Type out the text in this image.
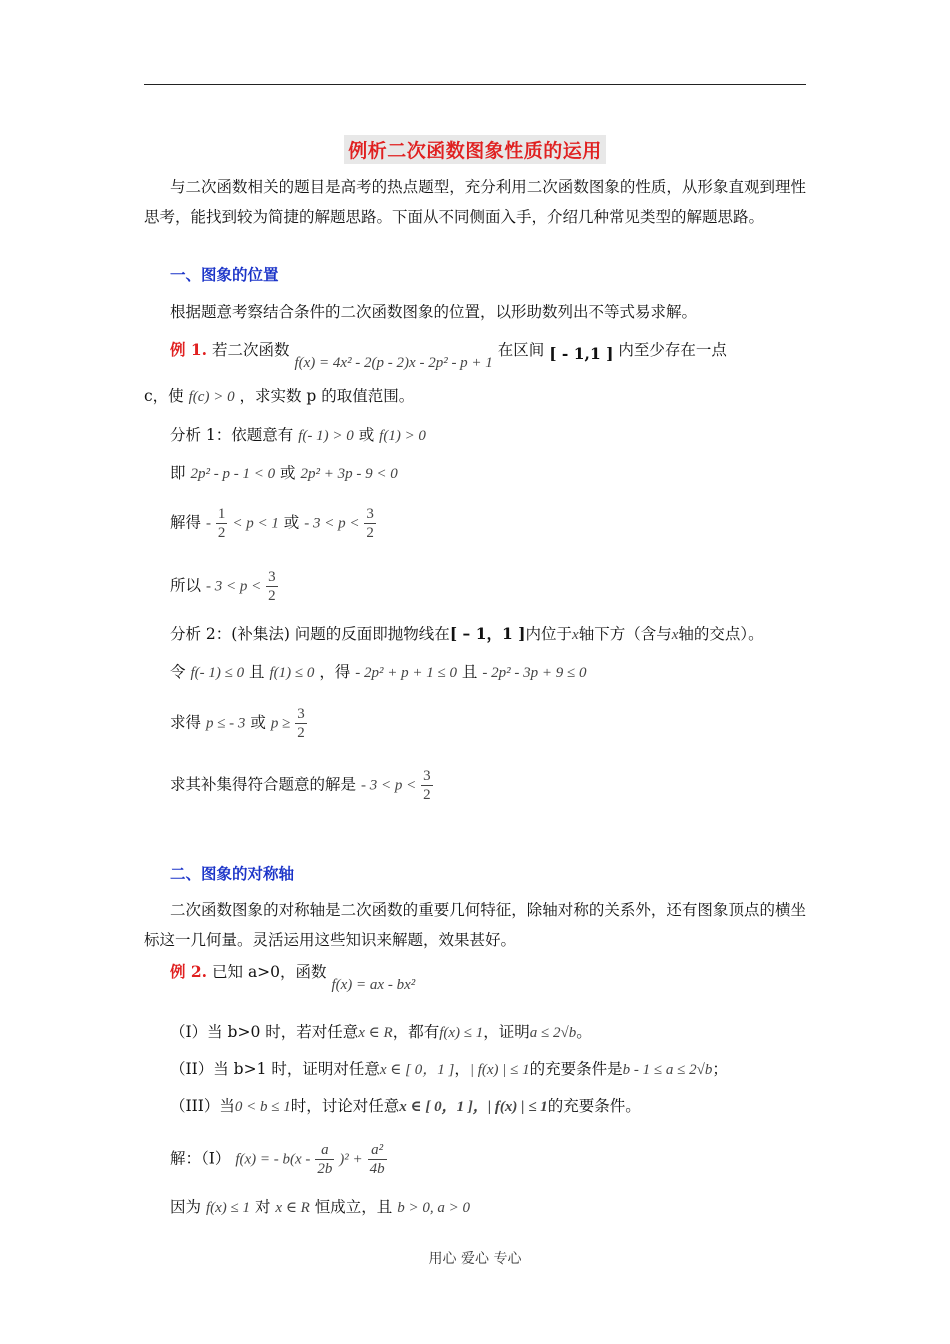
例析二次函数图象性质的运用
与二次函数相关的题目是高考的热点题型，充分利用二次函数图象的性质，从形象直观到理性思考，能找到较为简捷的解题思路。下面从不同侧面入手，介绍几种常见类型的解题思路。
一、图象的位置
根据题意考察结合条件的二次函数图象的位置，以形助数列出不等式易求解。
例 1. 若二次函数 f(x) = 4x² - 2(p - 2)x - 2p² - p + 1 在区间 [ - 1,1 ] 内至少存在一点
c，使 f(c) > 0 ，求实数 p 的取值范围。
分析 1：依题意有 f(- 1) > 0 或 f(1) > 0
即 2p² - p - 1 < 0 或 2p² + 3p - 9 < 0
解得 - $\frac{1}{2} < p < 1$ 或 - $3 < p < \frac{3}{2}$
所以 - $3 < p < \frac{3}{2}$
分析 2：(补集法) 问题的反面即抛物线在[ – 1，1 ]内位于x轴下方（含与x轴的交点）。
令 f(- 1) ≤ 0 且 f(1) ≤ 0 ，得 - 2p² + p + 1 ≤ 0 且 - 2p² - 3p + 9 ≤ 0
求得 p ≤ - 3 或 $p \ge \frac{3}{2}$
求其补集得符合题意的解是 - $3 < p < \frac{3}{2}$
二、图象的对称轴
二次函数图象的对称轴是二次函数的重要几何特征，除轴对称的关系外，还有图象顶点的横坐标这一几何量。灵活运用这些知识来解题，效果甚好。
例 2. 已知 a>0，函数 f(x) = ax - bx²
（I）当 b>0 时，若对任意x ∈ R，都有f(x) ≤ 1，证明a ≤ 2√b。
（II）当 b>1 时，证明对任意x ∈ [ 0，1 ]，| f(x) | ≤ 1的充要条件是b - 1 ≤ a ≤ 2√b；
（III）当0 < b ≤ 1时，讨论对任意x ∈ [ 0，1 ]，| f(x) | ≤ 1的充要条件。
解：（I） f(x) = - $b(x - \frac{a}{2b} )^2 + \frac{\text{a²}}{4b}$
因为 f(x) ≤ 1 对 x ∈ R 恒成立，且 b > 0, a > 0
用心 爱心 专心
